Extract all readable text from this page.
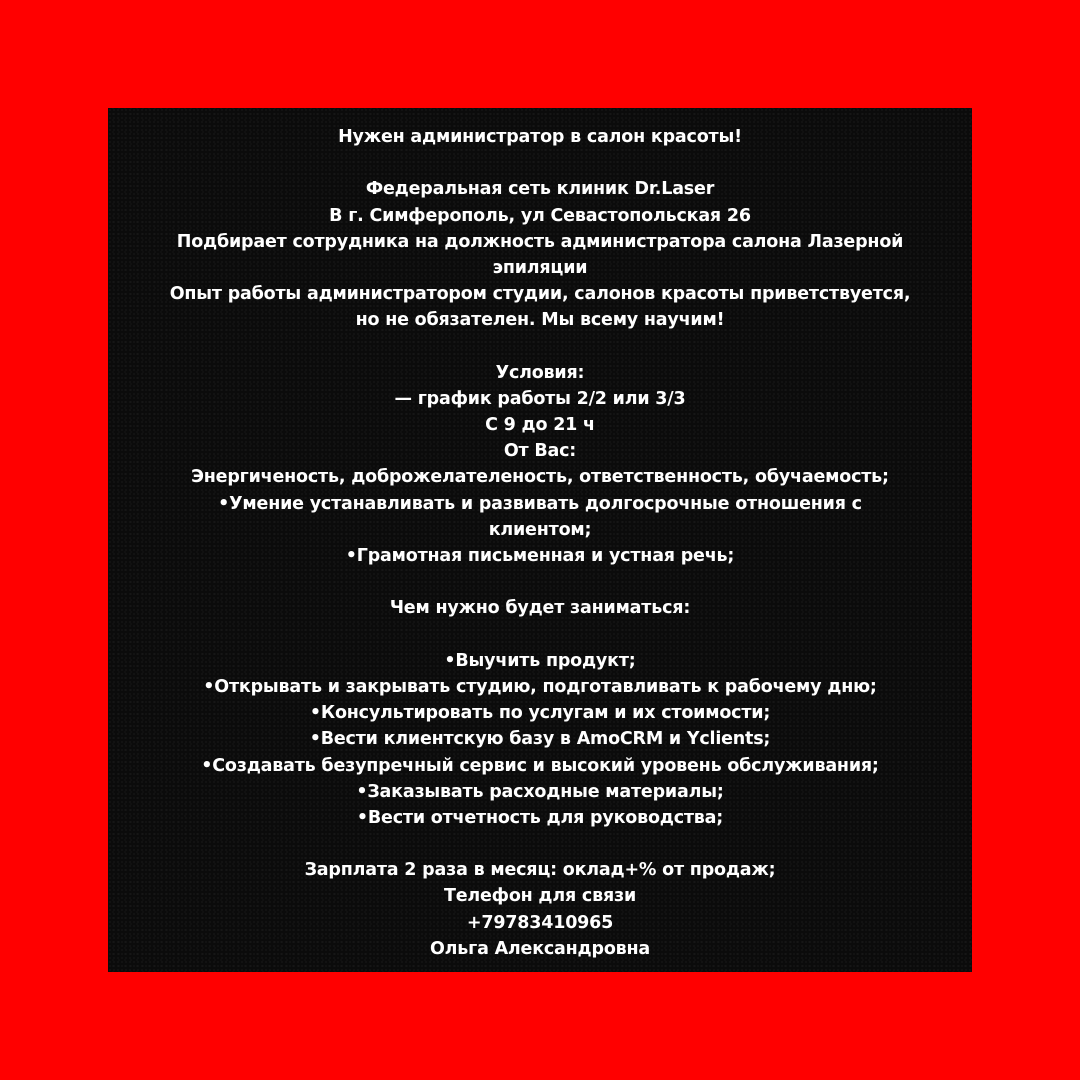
Нужен администратор в салон красоты!
Федеральная сеть клиник Dr.Laser
В г. Симферополь, ул Севастопольская 26
Подбирает сотрудника на должность администратора салона Лазерной
эпиляции
Опыт работы администратором студии, салонов красоты приветствуется,
но не обязателен. Мы всему научим!
Условия:
— график работы 2/2 или 3/3
С 9 до 21 ч
От Вас:
Энергиченость, доброжелателеность, ответственность, обучаемость;
•Умение устанавливать и развивать долгосрочные отношения с
клиентом;
•Грамотная письменная и устная речь;
Чем нужно будет заниматься:
•Выучить продукт;
•Открывать и закрывать студию, подготавливать к рабочему дню;
•Консультировать по услугам и их стоимости;
•Вести клиентскую базу в AmoCRM и Yclients;
•Создавать безупречный сервис и высокий уровень обслуживания;
•Заказывать расходные материалы;
•Вести отчетность для руководства;
Зарплата 2 раза в месяц: оклад+% от продаж;
Телефон для связи
+79783410965
Ольга Александровна
